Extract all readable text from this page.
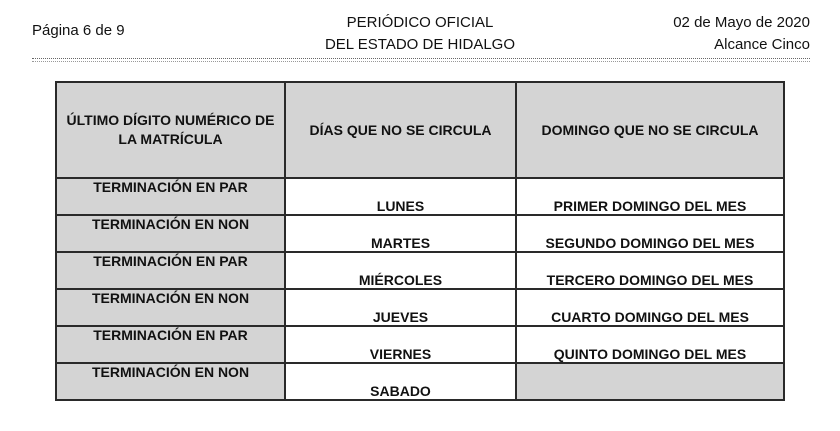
Página 6 de 9	PERIÓDICO OFICIAL
DEL ESTADO DE HIDALGO
02 de Mayo de 2020
Alcance Cinco
ÚLTIMO DÍGITO NUMÉRICO DE LA MATRÍCULA	DÍAS QUE NO SE CIRCULA	DOMINGO QUE NO SE CIRCULA
TERMINACIÓN EN PAR	LUNES	PRIMER DOMINGO DEL MES
TERMINACIÓN EN NON	MARTES	SEGUNDO DOMINGO DEL MES
TERMINACIÓN EN PAR	MIÉRCOLES	TERCERO DOMINGO DEL MES
TERMINACIÓN EN NON	JUEVES	CUARTO DOMINGO DEL MES
TERMINACIÓN EN PAR	VIERNES	QUINTO DOMINGO DEL MES
TERMINACIÓN EN NON	SABADO	
